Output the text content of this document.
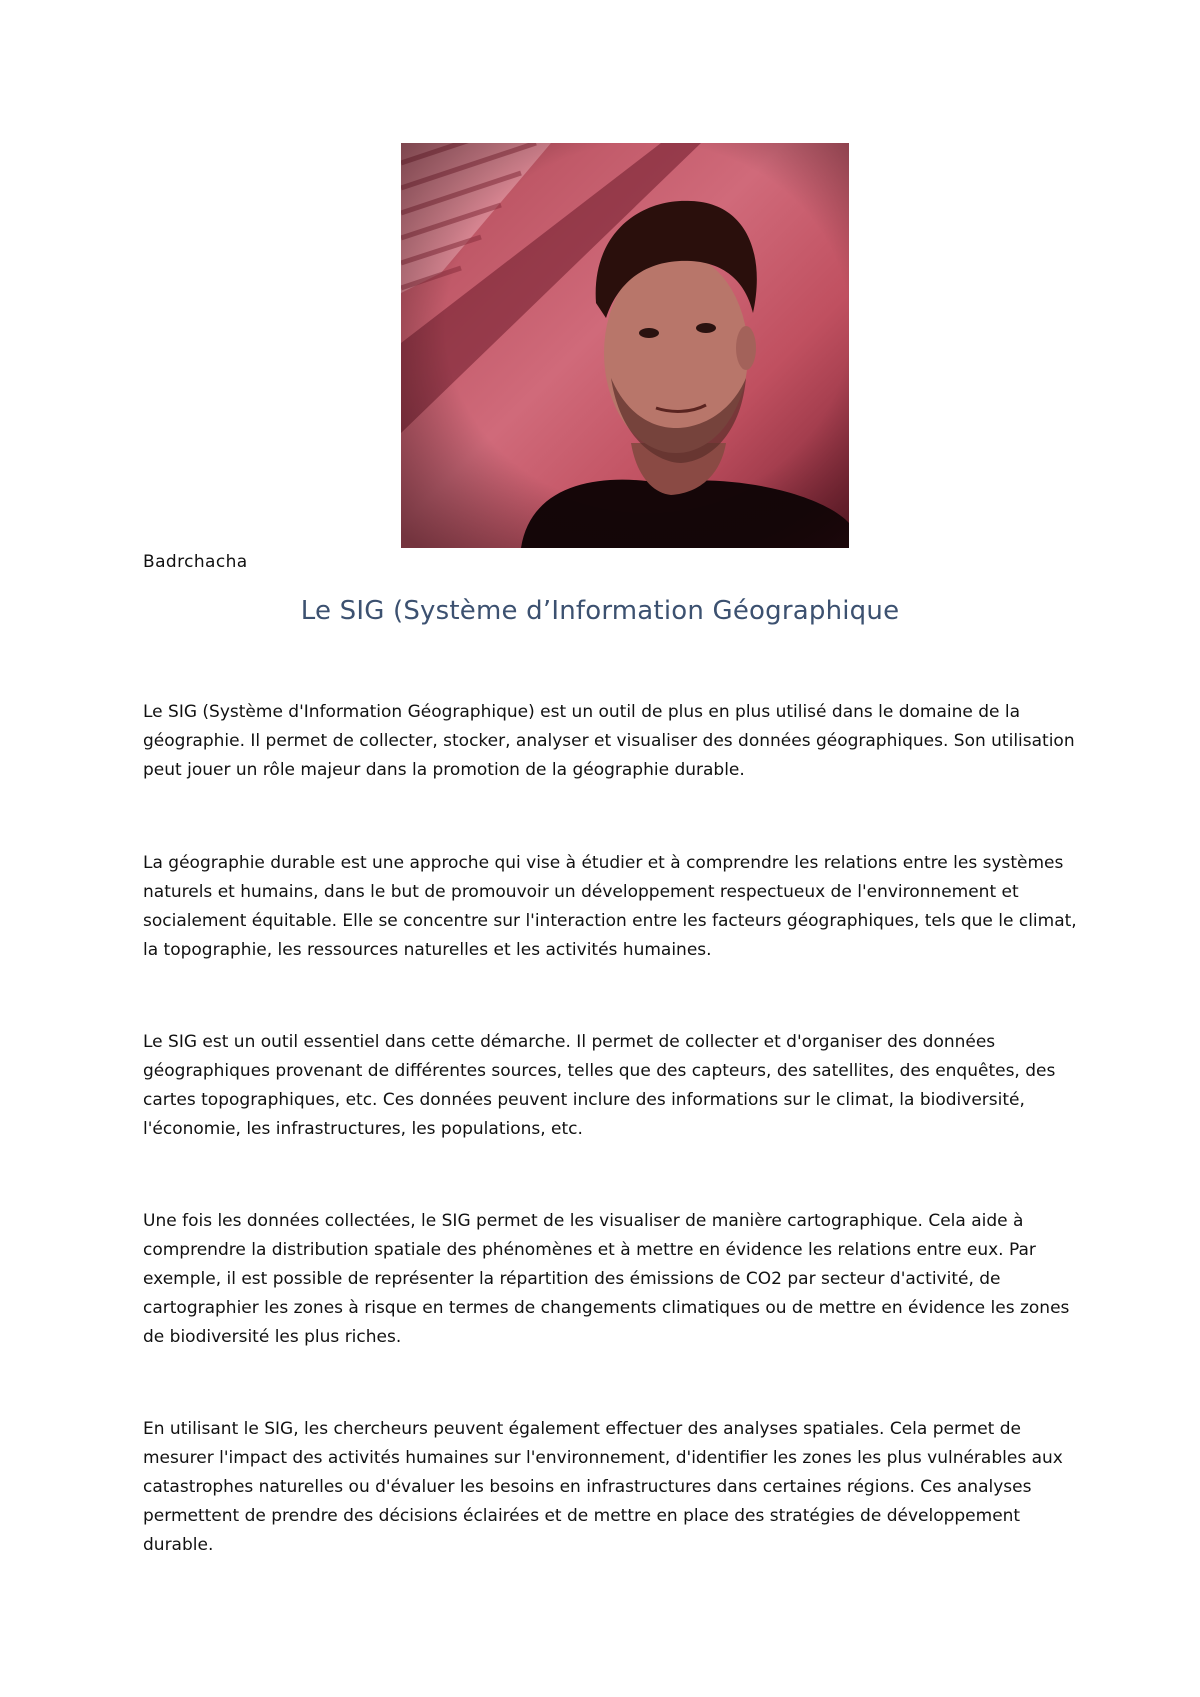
Badrchacha
Le SIG (Système d’Information Géographique

Le SIG (Système d'Information Géographique) est un outil de plus en plus utilisé dans le domaine de la géographie. Il permet de collecter, stocker, analyser et visualiser des données géographiques. Son utilisation peut jouer un rôle majeur dans la promotion de la géographie durable.

La géographie durable est une approche qui vise à étudier et à comprendre les relations entre les systèmes naturels et humains, dans le but de promouvoir un développement respectueux de l'environnement et socialement équitable. Elle se concentre sur l'interaction entre les facteurs géographiques, tels que le climat, la topographie, les ressources naturelles et les activités humaines.

Le SIG est un outil essentiel dans cette démarche. Il permet de collecter et d'organiser des données géographiques provenant de différentes sources, telles que des capteurs, des satellites, des enquêtes, des cartes topographiques, etc. Ces données peuvent inclure des informations sur le climat, la biodiversité, l'économie, les infrastructures, les populations, etc.

Une fois les données collectées, le SIG permet de les visualiser de manière cartographique. Cela aide à comprendre la distribution spatiale des phénomènes et à mettre en évidence les relations entre eux. Par exemple, il est possible de représenter la répartition des émissions de CO2 par secteur d'activité, de cartographier les zones à risque en termes de changements climatiques ou de mettre en évidence les zones de biodiversité les plus riches.

En utilisant le SIG, les chercheurs peuvent également effectuer des analyses spatiales. Cela permet de mesurer l'impact des activités humaines sur l'environnement, d'identifier les zones les plus vulnérables aux catastrophes naturelles ou d'évaluer les besoins en infrastructures dans certaines régions. Ces analyses permettent de prendre des décisions éclairées et de mettre en place des stratégies de développement durable.
